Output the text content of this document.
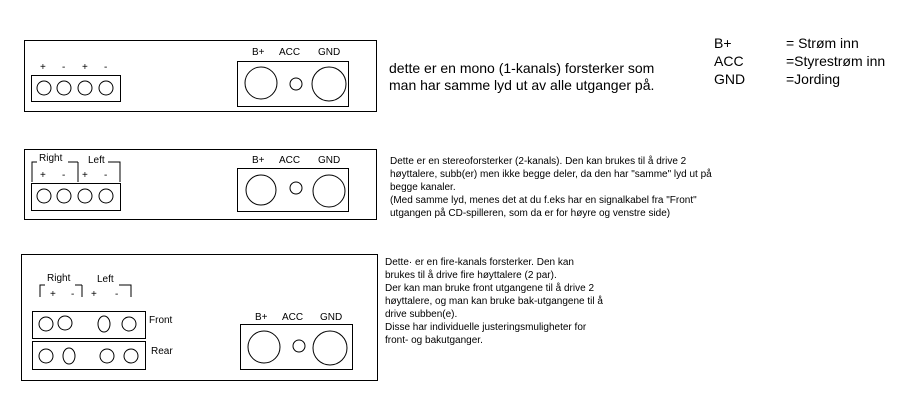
+ - + -
B+ ACC GND
dette er en mono (1-kanals) forsterker som
man har samme lyd ut av alle utganger på.
B+	= Strøm inn
ACC	=Styrestrøm inn
GND	=Jording
Right	Left
+ - + -
B+ ACC GND	Dette er en stereoforsterker (2-kanals). Den kan brukes til å drive 2
høyttalere, subb(er) men ikke begge deler, da den har "samme" lyd ut på
begge kanaler.
(Med samme lyd, menes det at du f.eks har en signalkabel fra "Front"
utgangen på CD-spilleren, som da er for høyre og venstre side)
Right	Left
+ - + -
Front
Rear
B+ ACC GND
Dette· er en fire-kanals forsterker. Den kan
brukes til å drive fire høyttalere (2 par).
Der kan man bruke front utgangene til å drive 2
høyttalere, og man kan bruke bak-utgangene til å
drive subben(e).
Disse har individuelle justeringsmuligheter for
front- og bakutganger.
